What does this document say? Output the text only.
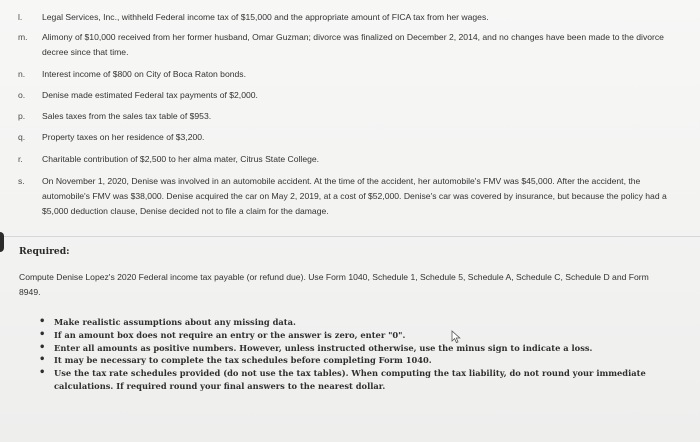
l.	Legal Services, Inc., withheld Federal income tax of $15,000 and the appropriate amount of FICA tax from her wages.
m.	Alimony of $10,000 received from her former husband, Omar Guzman; divorce was finalized on December 2, 2014, and no changes have been made to the divorce decree since that time.
n.	Interest income of $800 on City of Boca Raton bonds.
o.	Denise made estimated Federal tax payments of $2,000.
p.	Sales taxes from the sales tax table of $953.
q.	Property taxes on her residence of $3,200.
r.	Charitable contribution of $2,500 to her alma mater, Citrus State College.
s.	On November 1, 2020, Denise was involved in an automobile accident. At the time of the accident, her automobile's FMV was $45,000. After the accident, the automobile's FMV was $38,000. Denise acquired the car on May 2, 2019, at a cost of $52,000. Denise's car was covered by insurance, but because the policy had a $5,000 deduction clause, Denise decided not to file a claim for the damage.
Required:
Compute Denise Lopez's 2020 Federal income tax payable (or refund due). Use Form 1040, Schedule 1, Schedule 5, Schedule A, Schedule C, Schedule D and Form 8949.
• Make realistic assumptions about any missing data.
• If an amount box does not require an entry or the answer is zero, enter "0".
• Enter all amounts as positive numbers. However, unless instructed otherwise, use the minus sign to indicate a loss.
• It may be necessary to complete the tax schedules before completing Form 1040.
• Use the tax rate schedules provided (do not use the tax tables). When computing the tax liability, do not round your immediate calculations. If required round your final answers to the nearest dollar.
